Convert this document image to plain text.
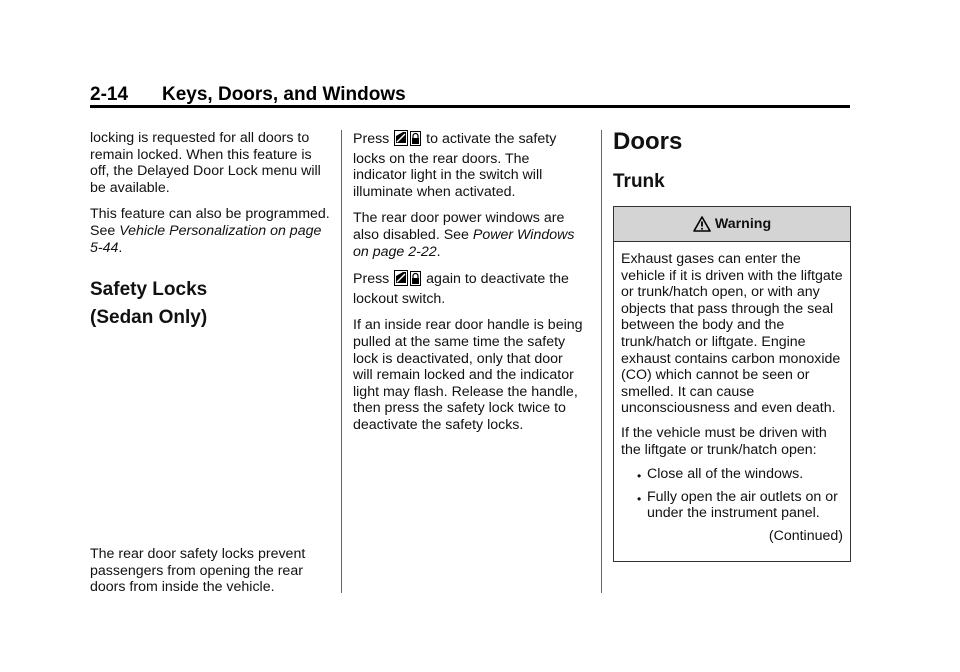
2-14 Keys, Doors, and Windows

locking is requested for all doors to remain locked. When this feature is off, the Delayed Door Lock menu will be available.

This feature can also be programmed. See Vehicle Personalization on page 5-44.

Safety Locks
(Sedan Only)

The rear door safety locks prevent passengers from opening the rear doors from inside the vehicle.

Press	to activate the safety locks on the rear doors. The indicator light in the switch will illuminate when activated.

The rear door power windows are also disabled. See Power Windows on page 2-22.

Press	again to deactivate the lockout switch.

If an inside rear door handle is being pulled at the same time the safety lock is deactivated, only that door will remain locked and the indicator light may flash. Release the handle, then press the safety lock twice to deactivate the safety locks.

Doors
Trunk
Warning

Exhaust gases can enter the vehicle if it is driven with the liftgate or trunk/hatch open, or with any objects that pass through the seal between the body and the trunk/hatch or liftgate. Engine exhaust contains carbon monoxide (CO) which cannot be seen or smelled. It can cause unconsciousness and even death.

If the vehicle must be driven with the liftgate or trunk/hatch open:

• Close all of the windows.
• Fully open the air outlets on or under the instrument panel.

(Continued)
